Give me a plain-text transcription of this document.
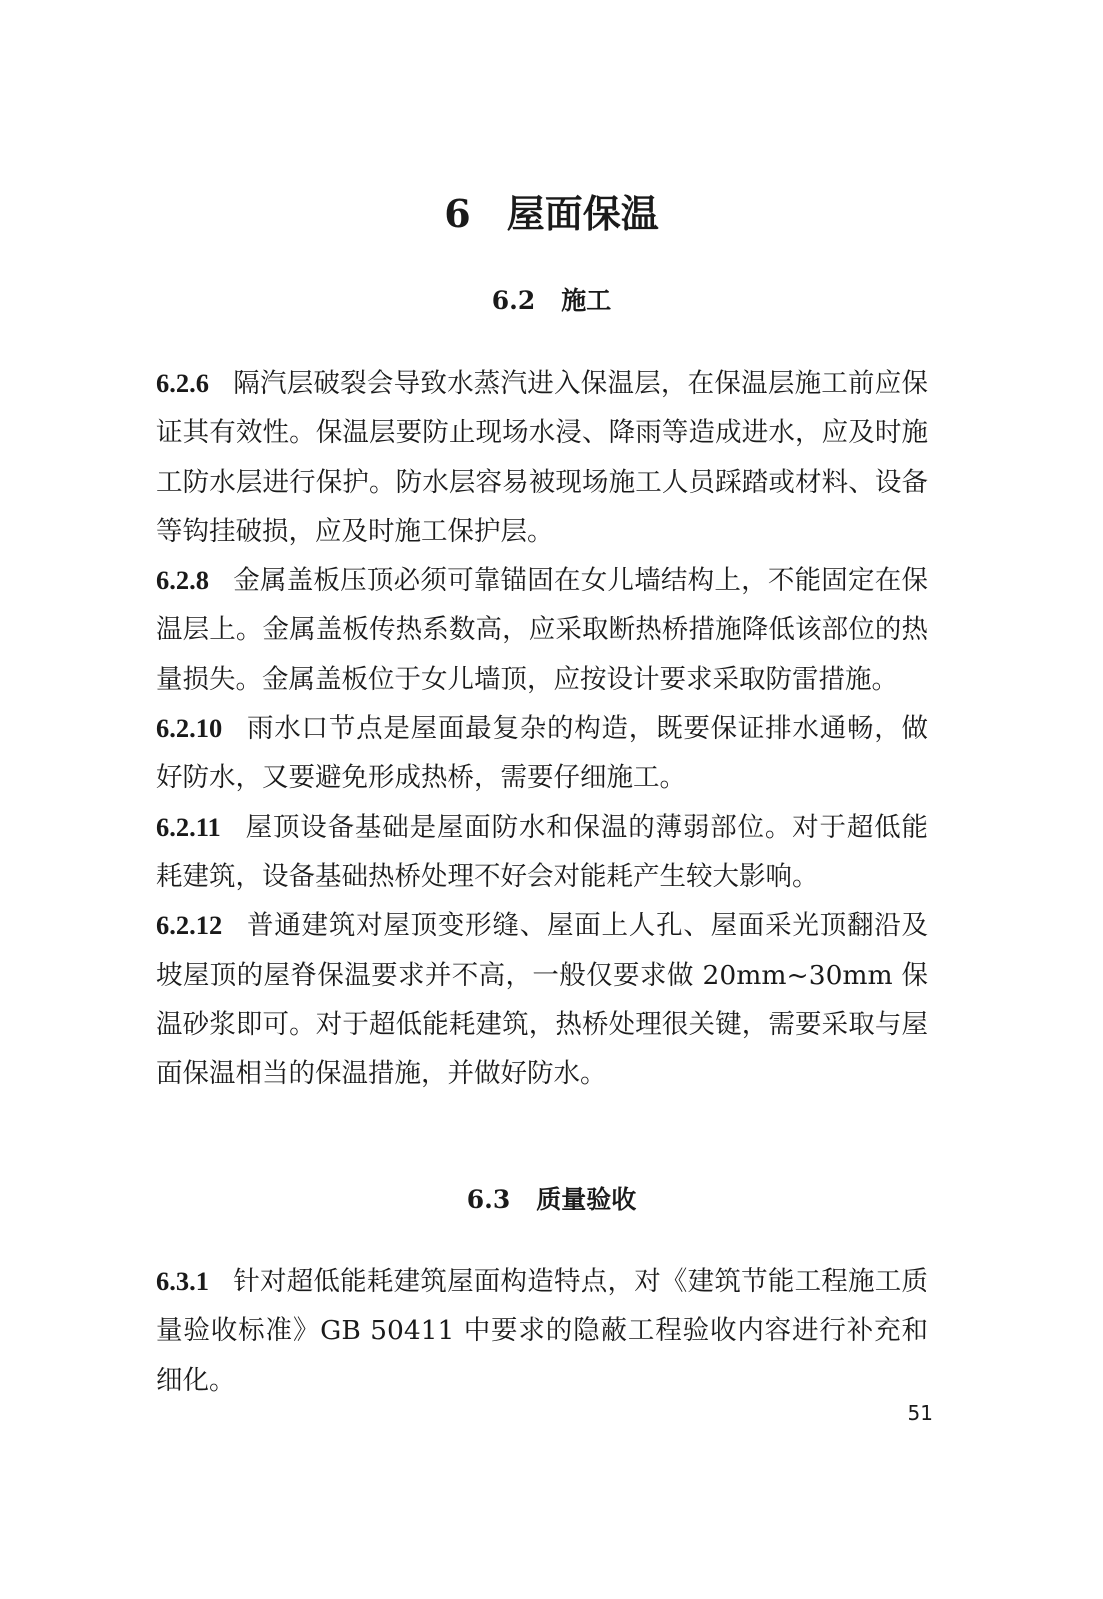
6 屋面保温
6.2 施工

6.2.6 隔汽层破裂会导致水蒸汽进入保温层，在保温层施工前应保证其有效性。保温层要防止现场水浸、降雨等造成进水，应及时施工防水层进行保护。防水层容易被现场施工人员踩踏或材料、设备等钩挂破损，应及时施工保护层。

6.2.8 金属盖板压顶必须可靠锚固在女儿墙结构上，不能固定在保温层上。金属盖板传热系数高，应采取断热桥措施降低该部位的热量损失。金属盖板位于女儿墙顶，应按设计要求采取防雷措施。

6.2.10 雨水口节点是屋面最复杂的构造，既要保证排水通畅，做好防水，又要避免形成热桥，需要仔细施工。

6.2.11 屋顶设备基础是屋面防水和保温的薄弱部位。对于超低能耗建筑，设备基础热桥处理不好会对能耗产生较大影响。

6.2.12 普通建筑对屋顶变形缝、屋面上人孔、屋面采光顶翻沿及坡屋顶的屋脊保温要求并不高，一般仅要求做 20mm~30mm 保温砂浆即可。对于超低能耗建筑，热桥处理很关键，需要采取与屋面保温相当的保温措施，并做好防水。

6.3 质量验收

6.3.1 针对超低能耗建筑屋面构造特点，对《建筑节能工程施工质量验收标准》GB 50411 中要求的隐蔽工程验收内容进行补充和细化。

51
